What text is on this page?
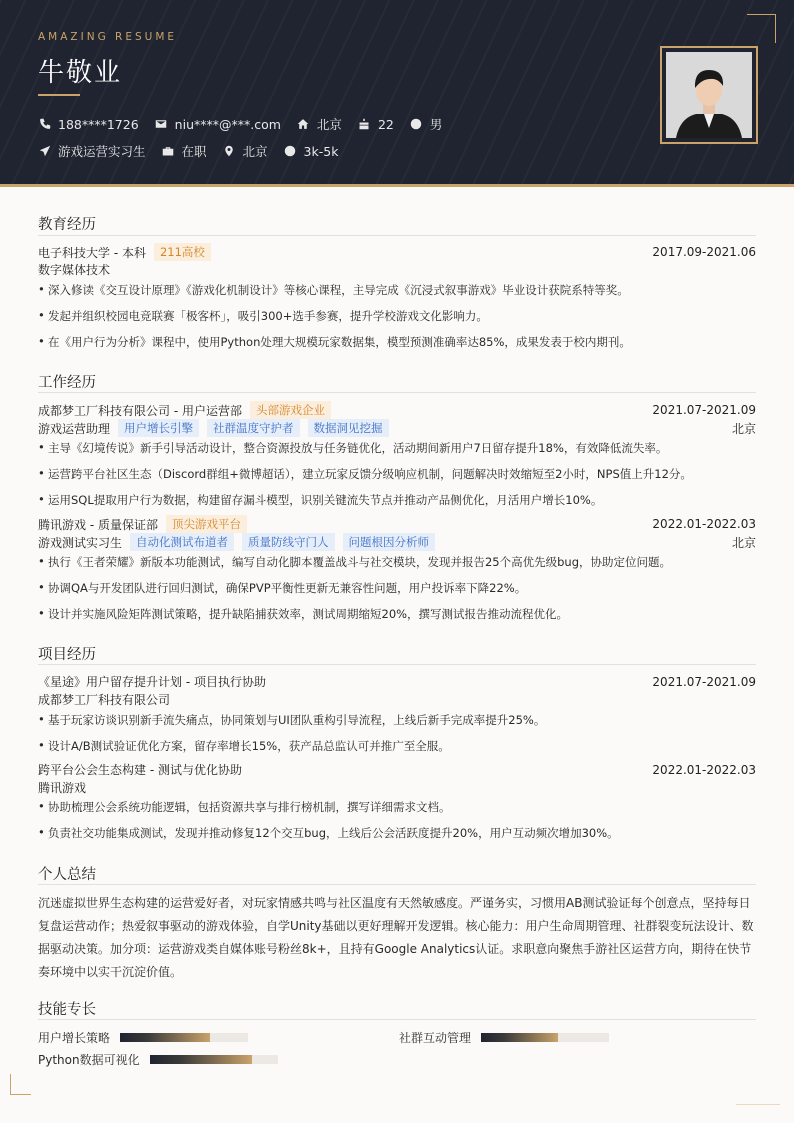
AMAZING RESUME
牛敬业
188****1726	niu****@***.com	北京	22	男
游戏运营实习生	在职	北京	3k-5k
教育经历
电子科技大学 - 本科	211高校	2017.09-2021.06
数字媒体技术
• 深入修读《交互设计原理》《游戏化机制设计》等核心课程，主导完成《沉浸式叙事游戏》毕业设计获院系特等奖。
• 发起并组织校园电竞联赛「极客杯」，吸引300+选手参赛，提升学校游戏文化影响力。
• 在《用户行为分析》课程中，使用Python处理大规模玩家数据集，模型预测准确率达85%，成果发表于校内期刊。
工作经历
成都梦工厂科技有限公司 - 用户运营部	头部游戏企业	2021.07-2021.09
游戏运营助理	用户增长引擎	社群温度守护者	数据洞见挖掘	北京
• 主导《幻境传说》新手引导活动设计，整合资源投放与任务链优化，活动期间新用户7日留存提升18%，有效降低流失率。
• 运营跨平台社区生态（Discord群组+微博超话），建立玩家反馈分级响应机制，问题解决时效缩短至2小时，NPS值上升12分。
• 运用SQL提取用户行为数据，构建留存漏斗模型，识别关键流失节点并推动产品侧优化，月活用户增长10%。
腾讯游戏 - 质量保证部	顶尖游戏平台	2022.01-2022.03
游戏测试实习生	自动化测试布道者	质量防线守门人	问题根因分析师	北京
• 执行《王者荣耀》新版本功能测试，编写自动化脚本覆盖战斗与社交模块，发现并报告25个高优先级bug，协助定位问题。
• 协调QA与开发团队进行回归测试，确保PVP平衡性更新无兼容性问题，用户投诉率下降22%。
• 设计并实施风险矩阵测试策略，提升缺陷捕获效率，测试周期缩短20%，撰写测试报告推动流程优化。
项目经历
《星途》用户留存提升计划 - 项目执行协助	2021.07-2021.09
成都梦工厂科技有限公司
• 基于玩家访谈识别新手流失痛点，协同策划与UI团队重构引导流程，上线后新手完成率提升25%。
• 设计A/B测试验证优化方案，留存率增长15%，获产品总监认可并推广至全服。
跨平台公会生态构建 - 测试与优化协助	2022.01-2022.03
腾讯游戏
• 协助梳理公会系统功能逻辑，包括资源共享与排行榜机制，撰写详细需求文档。
• 负责社交功能集成测试，发现并推动修复12个交互bug，上线后公会活跃度提升20%，用户互动频次增加30%。
个人总结
沉迷虚拟世界生态构建的运营爱好者，对玩家情感共鸣与社区温度有天然敏感度。严谨务实，习惯用AB测试验证每个创意点，坚持每日复盘运营动作；热爱叙事驱动的游戏体验，自学Unity基础以更好理解开发逻辑。核心能力：用户生命周期管理、社群裂变玩法设计、数据驱动决策。加分项：运营游戏类自媒体账号粉丝8k+，且持有Google Analytics认证。求职意向聚焦手游社区运营方向，期待在快节奏环境中以实干沉淀价值。
技能专长
用户增长策略	社群互动管理
Python数据可视化
